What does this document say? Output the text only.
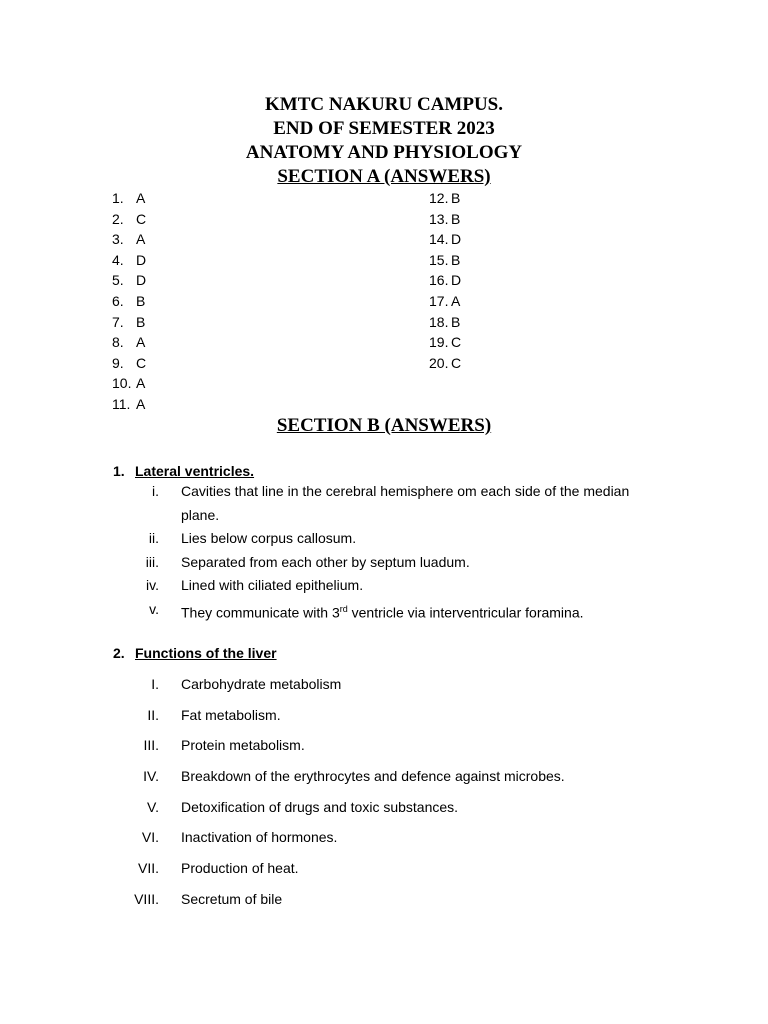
KMTC NAKURU CAMPUS.
END OF SEMESTER 2023
ANATOMY AND PHYSIOLOGY
SECTION A (ANSWERS)
1. A
2. C
3. A
4. D
5. D
6. B
7. B
8. A
9. C
10. A
11. A
12. B
13. B
14. D
15. B
16. D
17. A
18. B
19. C
20. C
SECTION B (ANSWERS)
1. Lateral ventricles.
i. Cavities that line in the cerebral hemisphere om each side of the median
plane.
ii. Lies below corpus callosum.
iii. Separated from each other by septum luadum.
iv. Lined with ciliated epithelium.
v. They communicate with 3rd ventricle via interventricular foramina.
2. Functions of the liver
I. Carbohydrate metabolism
II. Fat metabolism.
III. Protein metabolism.
IV. Breakdown of the erythrocytes and defence against microbes.
V. Detoxification of drugs and toxic substances.
VI. Inactivation of hormones.
VII. Production of heat.
VIII. Secretum of bile
